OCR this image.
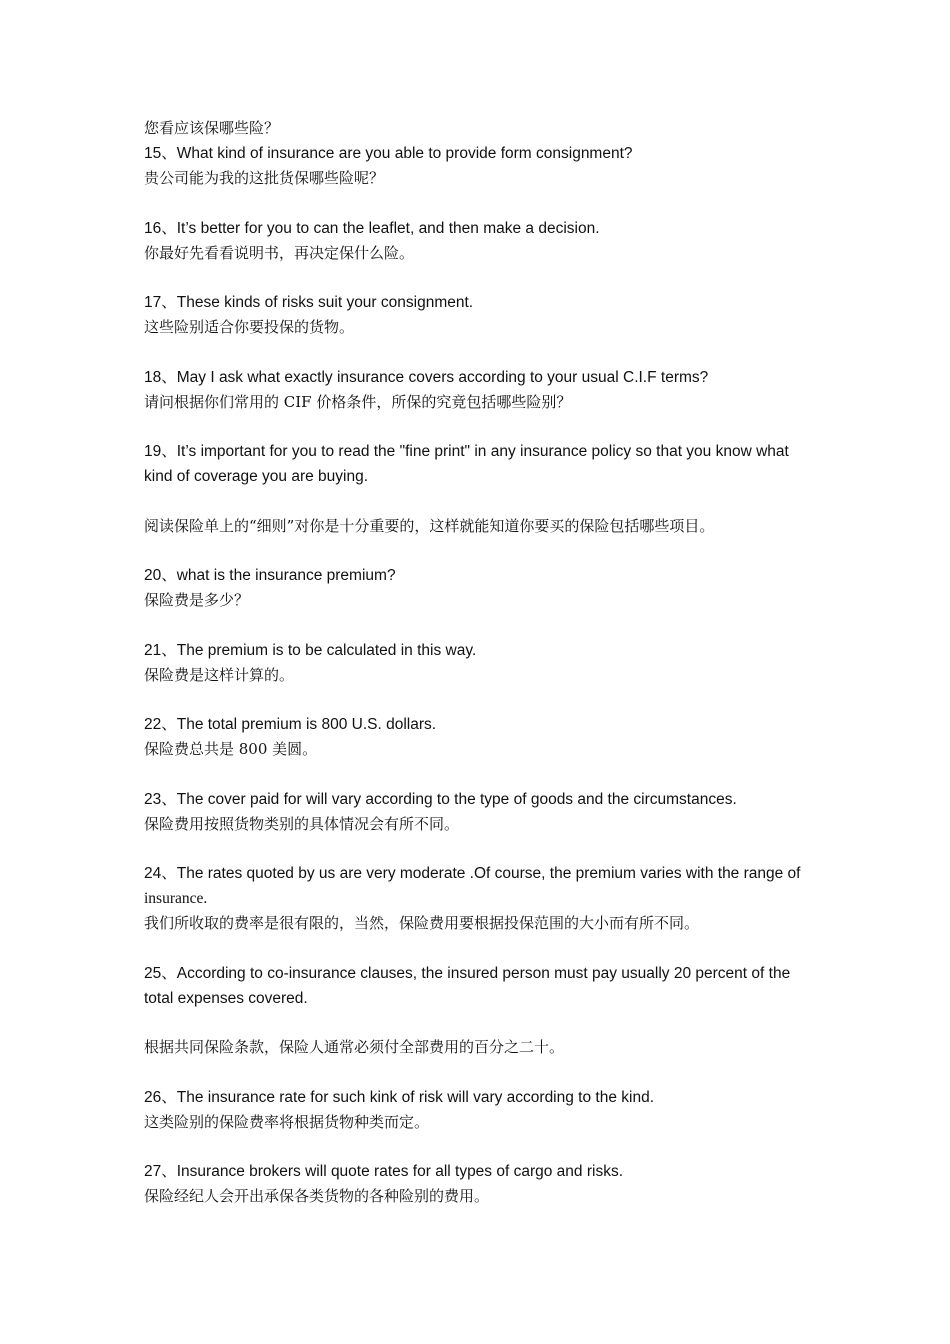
您看应该保哪些险？
15、What kind of insurance are you able to provide form consignment?
贵公司能为我的这批货保哪些险呢？
16、It’s better for you to can the leaflet, and then make a decision.
你最好先看看说明书，再决定保什么险。
17、These kinds of risks suit your consignment.
这些险别适合你要投保的货物。
18、May I ask what exactly insurance covers according to your usual C.I.F terms?
请问根据你们常用的 CIF 价格条件，所保的究竟包括哪些险别？
19、It’s important for you to read the "fine print" in any insurance policy so that you know what kind of coverage you are buying.
阅读保险单上的“细则”对你是十分重要的，这样就能知道你要买的保险包括哪些项目。
20、what is the insurance premium?
保险费是多少？
21、The premium is to be calculated in this way.
保险费是这样计算的。
22、The total premium is 800 U.S. dollars.
保险费总共是 800 美圆。
23、The cover paid for will vary according to the type of goods and the circumstances.
保险费用按照货物类别的具体情况会有所不同。
24、The rates quoted by us are very moderate .Of course, the premium varies with the range of insurance.
我们所收取的费率是很有限的，当然，保险费用要根据投保范围的大小而有所不同。
25、According to co-insurance clauses, the insured person must pay usually 20 percent of the total expenses covered.
根据共同保险条款，保险人通常必须付全部费用的百分之二十。
26、The insurance rate for such kink of risk will vary according to the kind.
这类险别的保险费率将根据货物种类而定。
27、Insurance brokers will quote rates for all types of cargo and risks.
保险经纪人会开出承保各类货物的各种险别的费用。
